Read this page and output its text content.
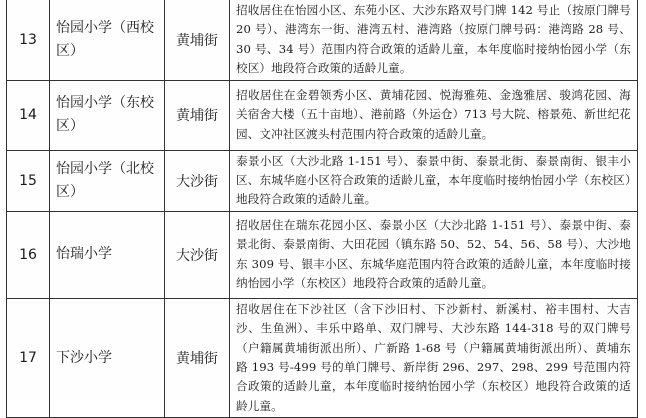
13	怡园小学（西校区）	黄埔街	招收居住在怡园小区、东苑小区、大沙东路双号门牌 142 号止（按原门牌号 20 号）、港湾东一街、港湾五村、港湾路（按原门牌号码：港湾路 28 号、30 号、34 号）范围内符合政策的适龄儿童，本年度临时接纳怡园小学（东校区）地段符合政策的适龄儿童。
14	怡园小学（东校区）	黄埔街	招收居住在金碧领秀小区、黄埔花园、悦海雅苑、金逸雅居、骏鸿花园、海关宿舍大楼（五十亩地）、港前路（外运仓）713 号大院、榕景苑、新世纪花园、文冲社区渡头村范围内符合政策的适龄儿童。
15	怡园小学（北校区）	大沙街	泰景小区（大沙北路 1-151 号）、泰景中街、泰景北街、泰景南街、银丰小区、东城华庭小区符合政策的适龄儿童，本年度临时接纳怡园小学（东校区）地段符合政策的适龄儿童。
16	怡瑞小学	大沙街	招收居住在瑞东花园小区、泰景小区（大沙北路 1-151 号）、泰景中街、泰景北街、泰景南街、大田花园（镇东路 50、52、54、56、58 号）、大沙地东 309 号、银丰小区、东城华庭范围内符合政策的适龄儿童，本年度临时接纳怡园小学（东校区）地段符合政策的适龄儿童。
17	下沙小学	黄埔街	招收居住在下沙社区（含下沙旧村、下沙新村、新溪村、裕丰围村、大吉沙、生鱼洲）、丰乐中路单、双门牌号、大沙东路 144-318 号的双门牌号（户籍属黄埔街派出所）、广新路 1-68 号（户籍属黄埔街派出所）、黄埔东路 193 号-499 号的单门牌号、新岸街 296、297、298、299 号范围内符合政策的适龄儿童，本年度临时接纳怡园小学（东校区）地段符合政策的适龄儿童。
